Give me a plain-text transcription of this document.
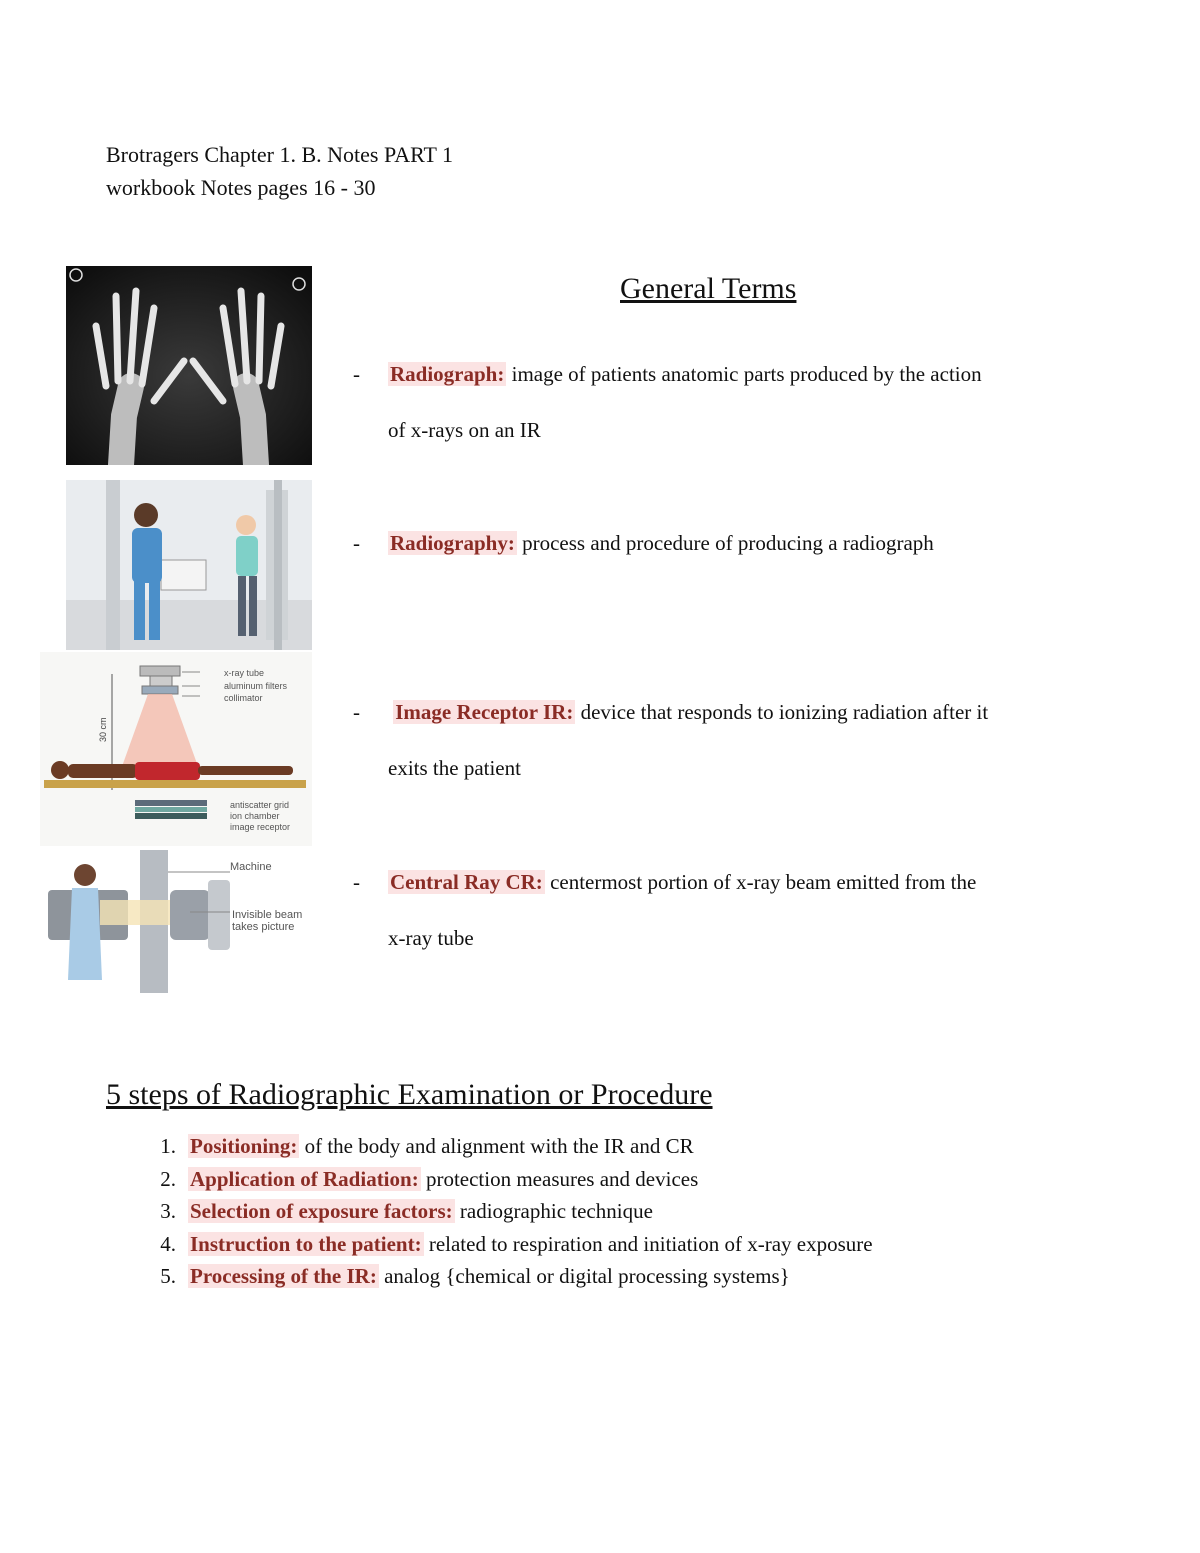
Brotragers Chapter 1. B. Notes PART 1
workbook Notes pages 16 - 30
30 cm
x-ray tube
aluminum filters
collimator
antiscatter grid
ion chamber
image receptor
Machine
Invisible beam
takes picture
General Terms
- Radiograph: image of patients anatomic parts produced by the action
of x-rays on an IR
- Radiography: process and procedure of producing a radiograph
-	Image Receptor IR: device that responds to ionizing radiation after it
exits the patient
- Central Ray CR: centermost portion of x-ray beam emitted from the
x-ray tube
5 steps of Radiographic Examination or Procedure
1. Positioning: of the body and alignment with the IR and CR
2. Application of Radiation: protection measures and devices
3. Selection of exposure factors: radiographic technique
4. Instruction to the patient: related to respiration and initiation of x-ray exposure
5. Processing of the IR: analog {chemical or digital processing systems}
